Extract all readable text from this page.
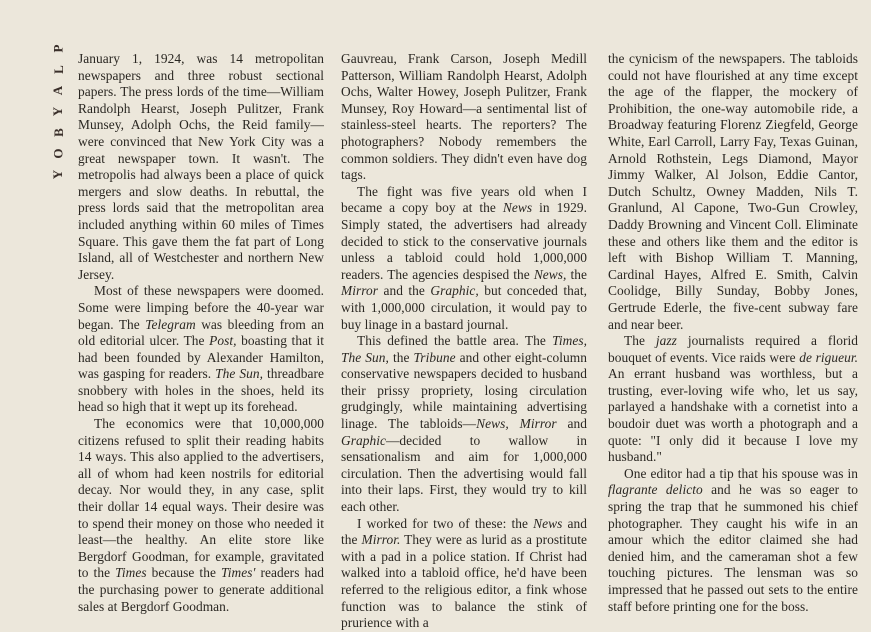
P
L
A
Y
B
O
Y

January 1, 1924, was 14 metropolitan newspapers and three robust sectional papers. The press lords of the time—William Randolph Hearst, Joseph Pulitzer, Frank Munsey, Adolph Ochs, the Reid family—were convinced that New York City was a great newspaper town. It wasn't. The metropolis had always been a place of quick mergers and slow deaths. In rebuttal, the press lords said that the metropolitan area included anything within 60 miles of Times Square. This gave them the fat part of Long Island, all of Westchester and northern New Jersey.

Most of these newspapers were doomed. Some were limping before the 40-year war began. The Telegram was bleeding from an old editorial ulcer. The Post, boasting that it had been founded by Alexander Hamilton, was gasping for readers. The Sun, threadbare snobbery with holes in the shoes, held its head so high that it wept up its forehead.

The economics were that 10,000,000 citizens refused to split their reading habits 14 ways. This also applied to the advertisers, all of whom had keen nostrils for editorial decay. Nor would they, in any case, split their dollar 14 equal ways. Their desire was to spend their money on those who needed it least—the healthy. An elite store like Bergdorf Goodman, for example, gravitated to the Times because the Times' readers had the purchasing power to generate additional sales at Bergdorf Goodman.

Gauvreau, Frank Carson, Joseph Medill Patterson, William Randolph Hearst, Adolph Ochs, Walter Howey, Joseph Pulitzer, Frank Munsey, Roy Howard—a sentimental list of stainless-steel hearts. The reporters? The photographers? Nobody remembers the common soldiers. They didn't even have dog tags.

The fight was five years old when I became a copy boy at the News in 1929. Simply stated, the advertisers had already decided to stick to the conservative journals unless a tabloid could hold 1,000,000 readers. The agencies despised the News, the Mirror and the Graphic, but conceded that, with 1,000,000 circulation, it would pay to buy linage in a bastard journal.

This defined the battle area. The Times, The Sun, the Tribune and other eight-column conservative newspapers decided to husband their prissy propriety, losing circulation grudgingly, while maintaining advertising linage. The tabloids—News, Mirror and Graphic—decided to wallow in sensationalism and aim for 1,000,000 circulation. Then the advertising would fall into their laps. First, they would try to kill each other.

I worked for two of these: the News and the Mirror. They were as lurid as a prostitute with a pad in a police station. If Christ had walked into a tabloid office, he'd have been referred to the religious editor, a fink whose function was to balance the stink of prurience with a

the cynicism of the newspapers. The tabloids could not have flourished at any time except the age of the flapper, the mockery of Prohibition, the one-way automobile ride, a Broadway featuring Florenz Ziegfeld, George White, Earl Carroll, Larry Fay, Texas Guinan, Arnold Rothstein, Legs Diamond, Mayor Jimmy Walker, Al Jolson, Eddie Cantor, Dutch Schultz, Owney Madden, Nils T. Granlund, Al Capone, Two-Gun Crowley, Daddy Browning and Vincent Coll. Eliminate these and others like them and the editor is left with Bishop William T. Manning, Cardinal Hayes, Alfred E. Smith, Calvin Coolidge, Billy Sunday, Bobby Jones, Gertrude Ederle, the five-cent subway fare and near beer.

The jazz journalists required a florid bouquet of events. Vice raids were de rigueur. An errant husband was worthless, but a trusting, ever-loving wife who, let us say, parlayed a handshake with a cornetist into a boudoir duet was worth a photograph and a quote: "I only did it because I love my husband."

One editor had a tip that his spouse was in flagrante delicto and he was so eager to spring the trap that he summoned his chief photographer. They caught his wife in an amour which the editor claimed she had denied him, and the cameraman shot a few touching pictures. The lensman was so impressed that he passed out sets to the entire staff before printing one for the boss.
